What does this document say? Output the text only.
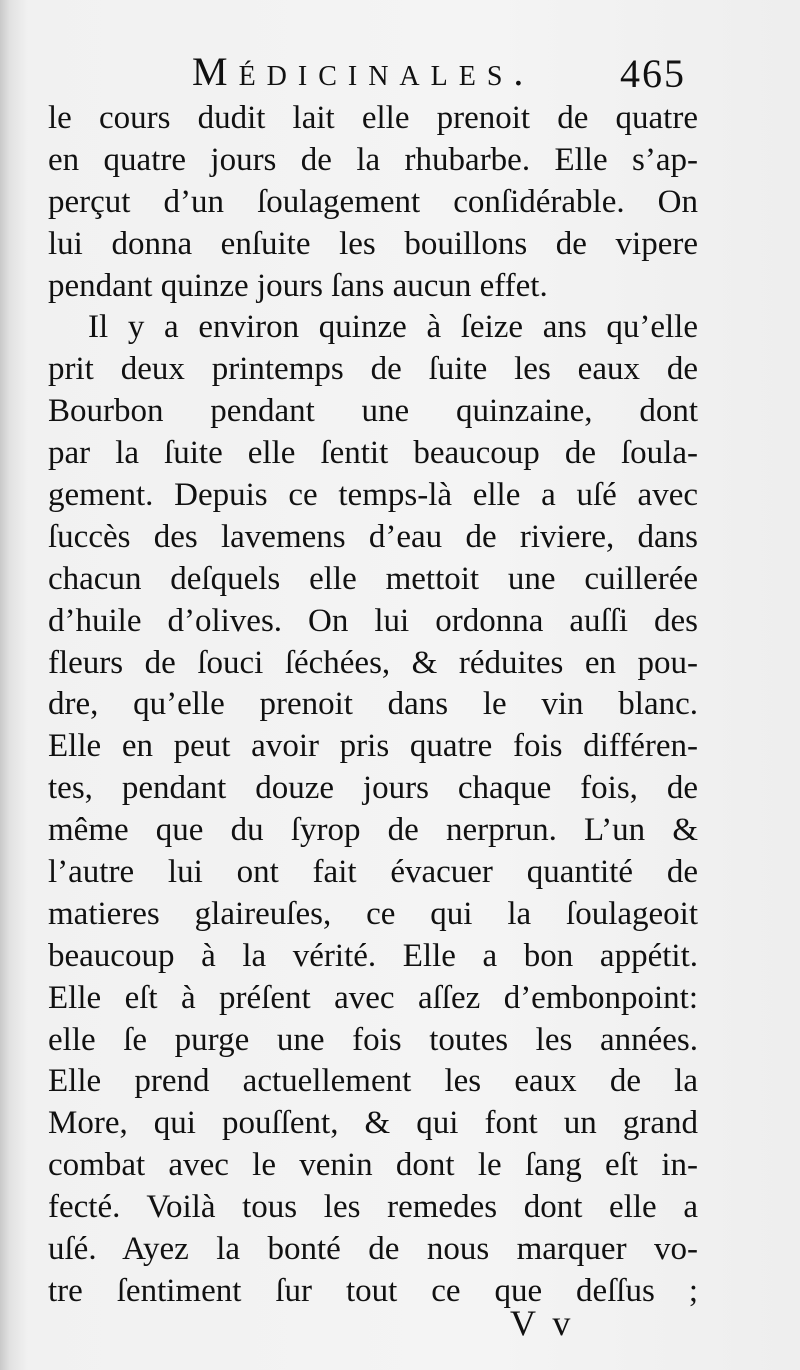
Médicinales. 465
le cours dudit lait elle prenoit de quatre
en quatre jours de la rhubarbe. Elle s’ap-
perçut d’un ſoulagement conſidérable. On
lui donna enſuite les bouillons de vipere
pendant quinze jours ſans aucun effet.
Il y a environ quinze à ſeize ans qu’elle
prit deux printemps de ſuite les eaux de
Bourbon pendant une quinzaine, dont
par la ſuite elle ſentit beaucoup de ſoula-
gement. Depuis ce temps-là elle a uſé avec
ſuccès des lavemens d’eau de riviere, dans
chacun deſquels elle mettoit une cuillerée
d’huile d’olives. On lui ordonna auſſi des
fleurs de ſouci ſéchées, & réduites en pou-
dre, qu’elle prenoit dans le vin blanc.
Elle en peut avoir pris quatre fois différen-
tes, pendant douze jours chaque fois, de
même que du ſyrop de nerprun. L’un &
l’autre lui ont fait évacuer quantité de
matieres glaireuſes, ce qui la ſoulageoit
beaucoup à la vérité. Elle a bon appétit.
Elle eſt à préſent avec aſſez d’embonpoint:
elle ſe purge une fois toutes les années.
Elle prend actuellement les eaux de la
More, qui pouſſent, & qui font un grand
combat avec le venin dont le ſang eſt in-
fecté. Voilà tous les remedes dont elle a
uſé. Ayez la bonté de nous marquer vo-
tre ſentiment ſur tout ce que deſſus ;
V v
